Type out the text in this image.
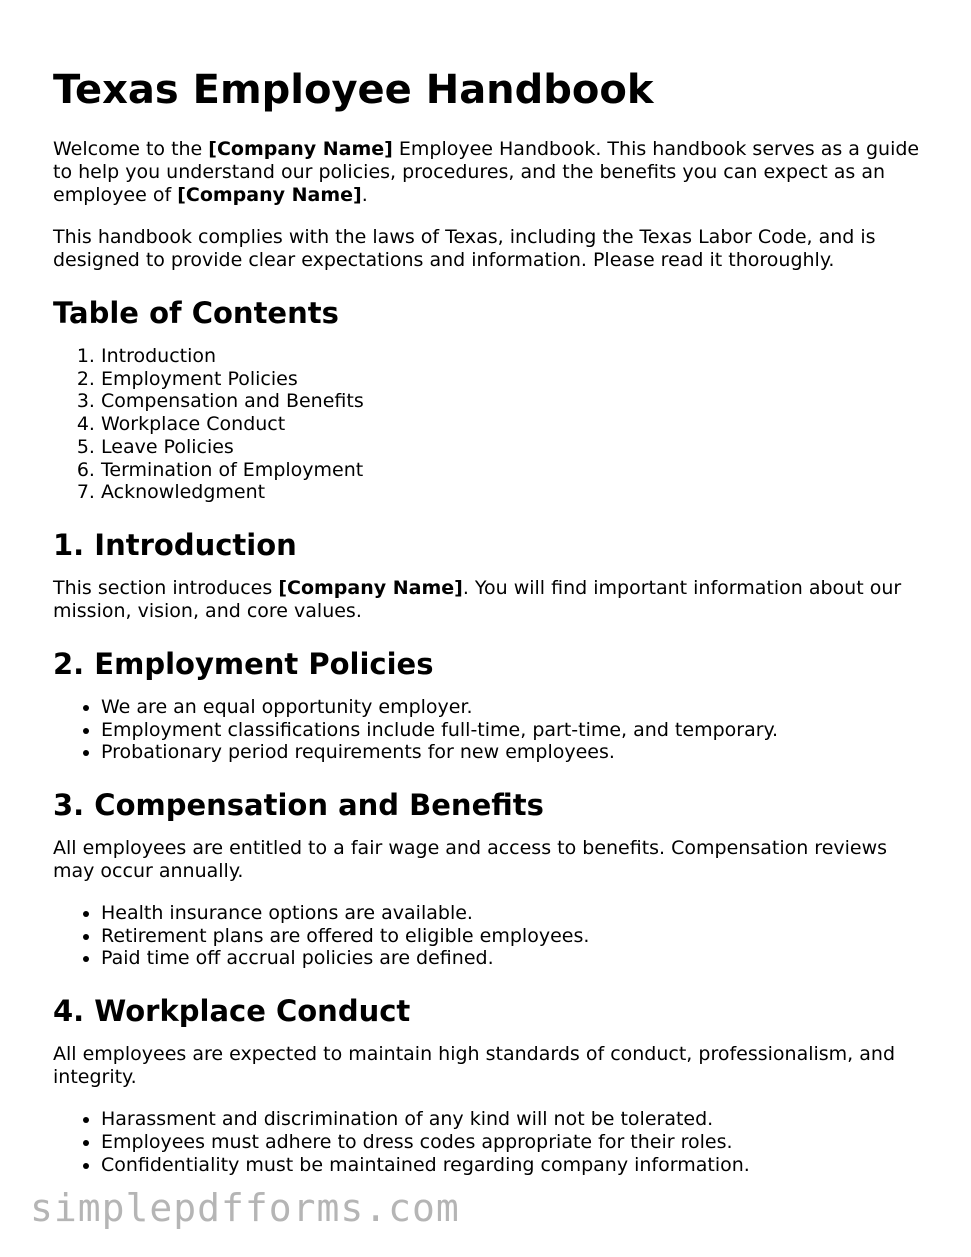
Texas Employee Handbook

Welcome to the [Company Name] Employee Handbook. This handbook serves as a guide to help you understand our policies, procedures, and the benefits you can expect as an employee of [Company Name].

This handbook complies with the laws of Texas, including the Texas Labor Code, and is designed to provide clear expectations and information. Please read it thoroughly.

Table of Contents
1. Introduction
2. Employment Policies
3. Compensation and Benefits
4. Workplace Conduct
5. Leave Policies
6. Termination of Employment
7. Acknowledgment
1. Introduction

This section introduces [Company Name]. You will find important information about our mission, vision, and core values.

2. Employment Policies
• We are an equal opportunity employer.
• Employment classifications include full-time, part-time, and temporary.
• Probationary period requirements for new employees.
3. Compensation and Benefits

All employees are entitled to a fair wage and access to benefits. Compensation reviews may occur annually.

• Health insurance options are available.
• Retirement plans are offered to eligible employees.
• Paid time off accrual policies are defined.
4. Workplace Conduct

All employees are expected to maintain high standards of conduct, professionalism, and integrity.

• Harassment and discrimination of any kind will not be tolerated.
• Employees must adhere to dress codes appropriate for their roles.
• Confidentiality must be maintained regarding company information.
simplepdfforms.com
